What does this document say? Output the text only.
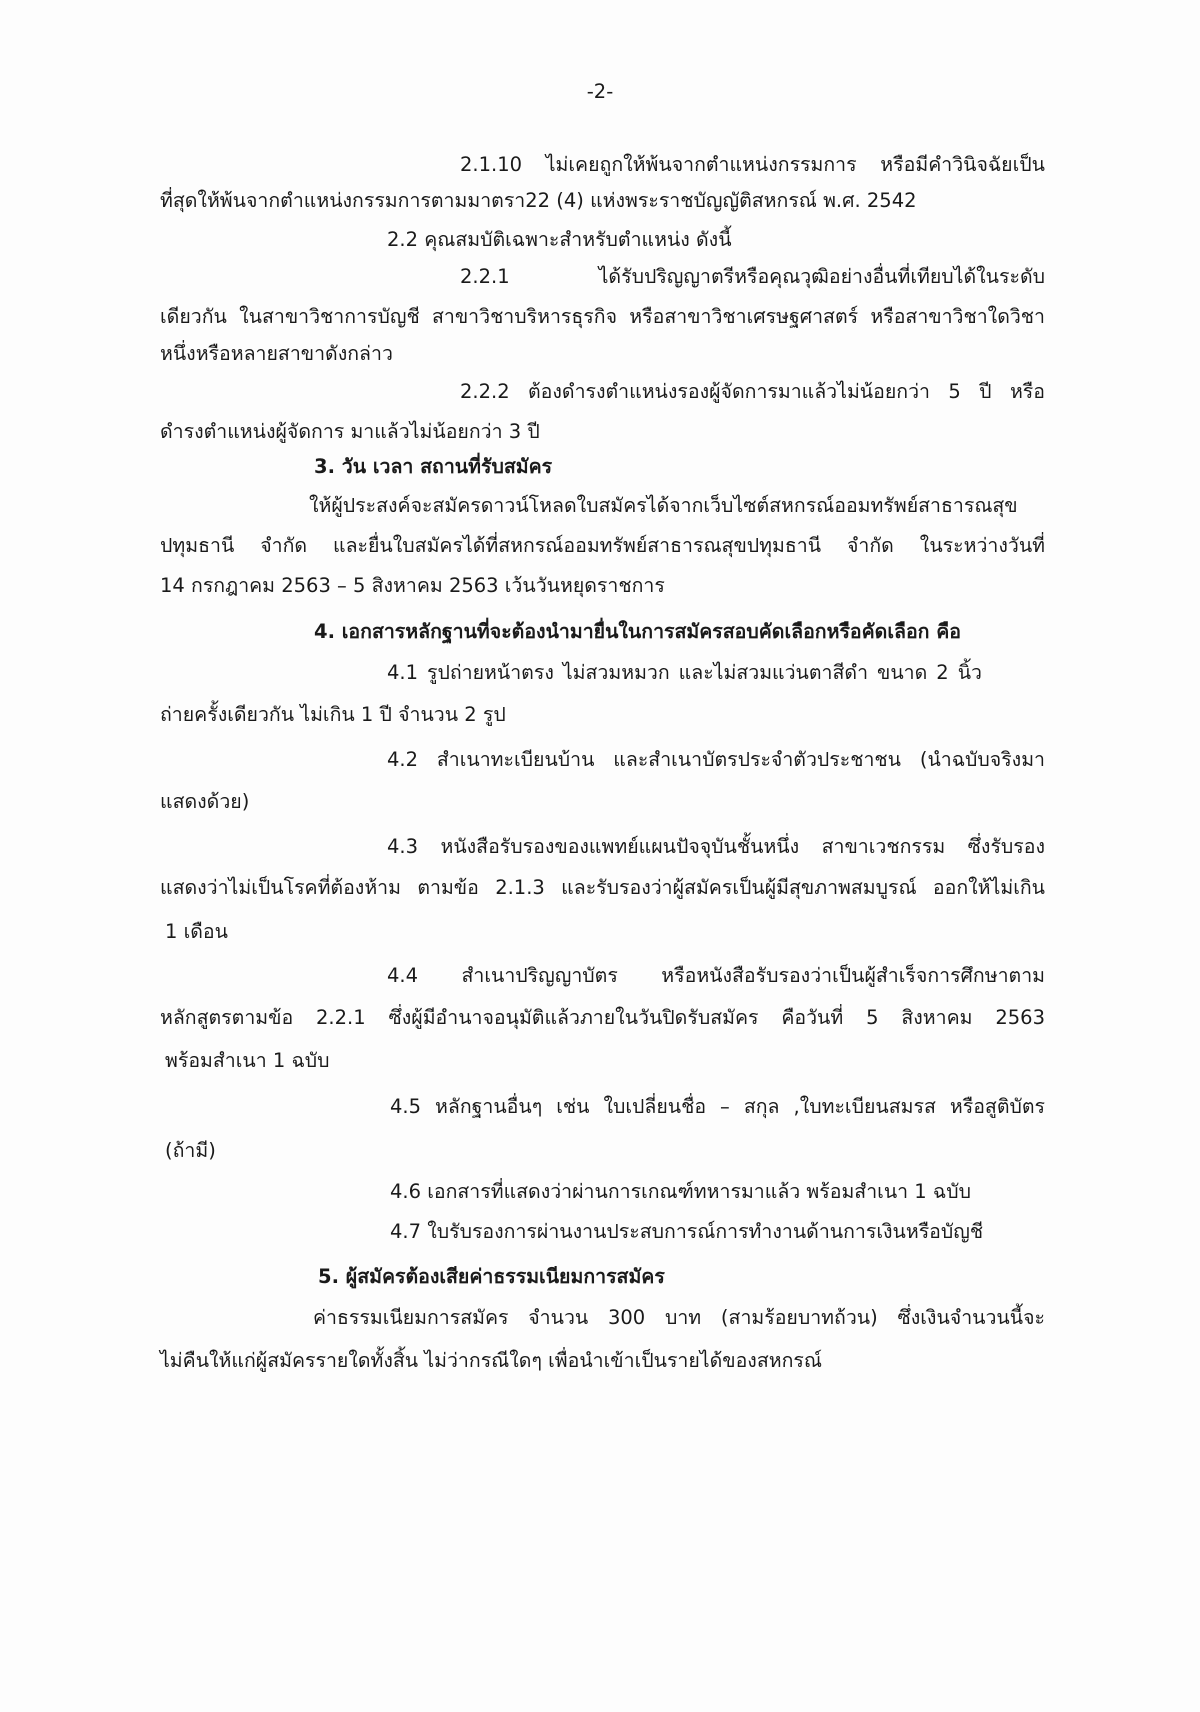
-2-
2.1.10 ไม่เคยถูกให้พ้นจากตำแหน่งกรรมการ หรือมีคำวินิจฉัยเป็น
ที่สุดให้พ้นจากตำแหน่งกรรมการตามมาตรา22 (4) แห่งพระราชบัญญัติสหกรณ์ พ.ศ. 2542
2.2 คุณสมบัติเฉพาะสำหรับตำแหน่ง ดังนี้
2.2.1 ได้รับปริญญาตรีหรือคุณวุฒิอย่างอื่นที่เทียบได้ในระดับ
เดียวกัน ในสาขาวิชาการบัญชี สาขาวิชาบริหารธุรกิจ หรือสาขาวิชาเศรษฐศาสตร์ หรือสาขาวิชาใดวิชา
หนึ่งหรือหลายสาขาดังกล่าว
2.2.2 ต้องดำรงตำแหน่งรองผู้จัดการมาแล้วไม่น้อยกว่า 5 ปี หรือ
ดำรงตำแหน่งผู้จัดการ มาแล้วไม่น้อยกว่า 3 ปี
3. วัน เวลา สถานที่รับสมัคร
ให้ผู้ประสงค์จะสมัครดาวน์โหลดใบสมัครได้จากเว็บไซต์สหกรณ์ออมทรัพย์สาธารณสุข
ปทุมธานี จำกัด และยื่นใบสมัครได้ที่สหกรณ์ออมทรัพย์สาธารณสุขปทุมธานี จำกัด ในระหว่างวันที่
14 กรกฎาคม 2563 – 5 สิงหาคม 2563 เว้นวันหยุดราชการ
4. เอกสารหลักฐานที่จะต้องนำมายื่นในการสมัครสอบคัดเลือกหรือคัดเลือก คือ
4.1 รูปถ่ายหน้าตรง ไม่สวมหมวก และไม่สวมแว่นตาสีดำ ขนาด 2 นิ้ว
ถ่ายครั้งเดียวกัน ไม่เกิน 1 ปี จำนวน 2 รูป
4.2 สำเนาทะเบียนบ้าน และสำเนาบัตรประจำตัวประชาชน (นำฉบับจริงมา
แสดงด้วย)
4.3 หนังสือรับรองของแพทย์แผนปัจจุบันชั้นหนึ่ง สาขาเวชกรรม ซึ่งรับรอง
แสดงว่าไม่เป็นโรคที่ต้องห้าม ตามข้อ 2.1.3 และรับรองว่าผู้สมัครเป็นผู้มีสุขภาพสมบูรณ์ ออกให้ไม่เกิน
1 เดือน
4.4 สำเนาปริญญาบัตร หรือหนังสือรับรองว่าเป็นผู้สำเร็จการศึกษาตาม
หลักสูตรตามข้อ 2.2.1 ซึ่งผู้มีอำนาจอนุมัติแล้วภายในวันปิดรับสมัคร คือวันที่ 5 สิงหาคม 2563
พร้อมสำเนา 1 ฉบับ
4.5 หลักฐานอื่นๆ เช่น ใบเปลี่ยนชื่อ – สกุล ,ใบทะเบียนสมรส หรือสูติบัตร
(ถ้ามี)
4.6 เอกสารที่แสดงว่าผ่านการเกณฑ์ทหารมาแล้ว พร้อมสำเนา 1 ฉบับ
4.7 ใบรับรองการผ่านงานประสบการณ์การทำงานด้านการเงินหรือบัญชี
5. ผู้สมัครต้องเสียค่าธรรมเนียมการสมัคร
ค่าธรรมเนียมการสมัคร จำนวน 300 บาท (สามร้อยบาทถ้วน) ซึ่งเงินจำนวนนี้จะ
ไม่คืนให้แก่ผู้สมัครรายใดทั้งสิ้น ไม่ว่ากรณีใดๆ เพื่อนำเข้าเป็นรายได้ของสหกรณ์
